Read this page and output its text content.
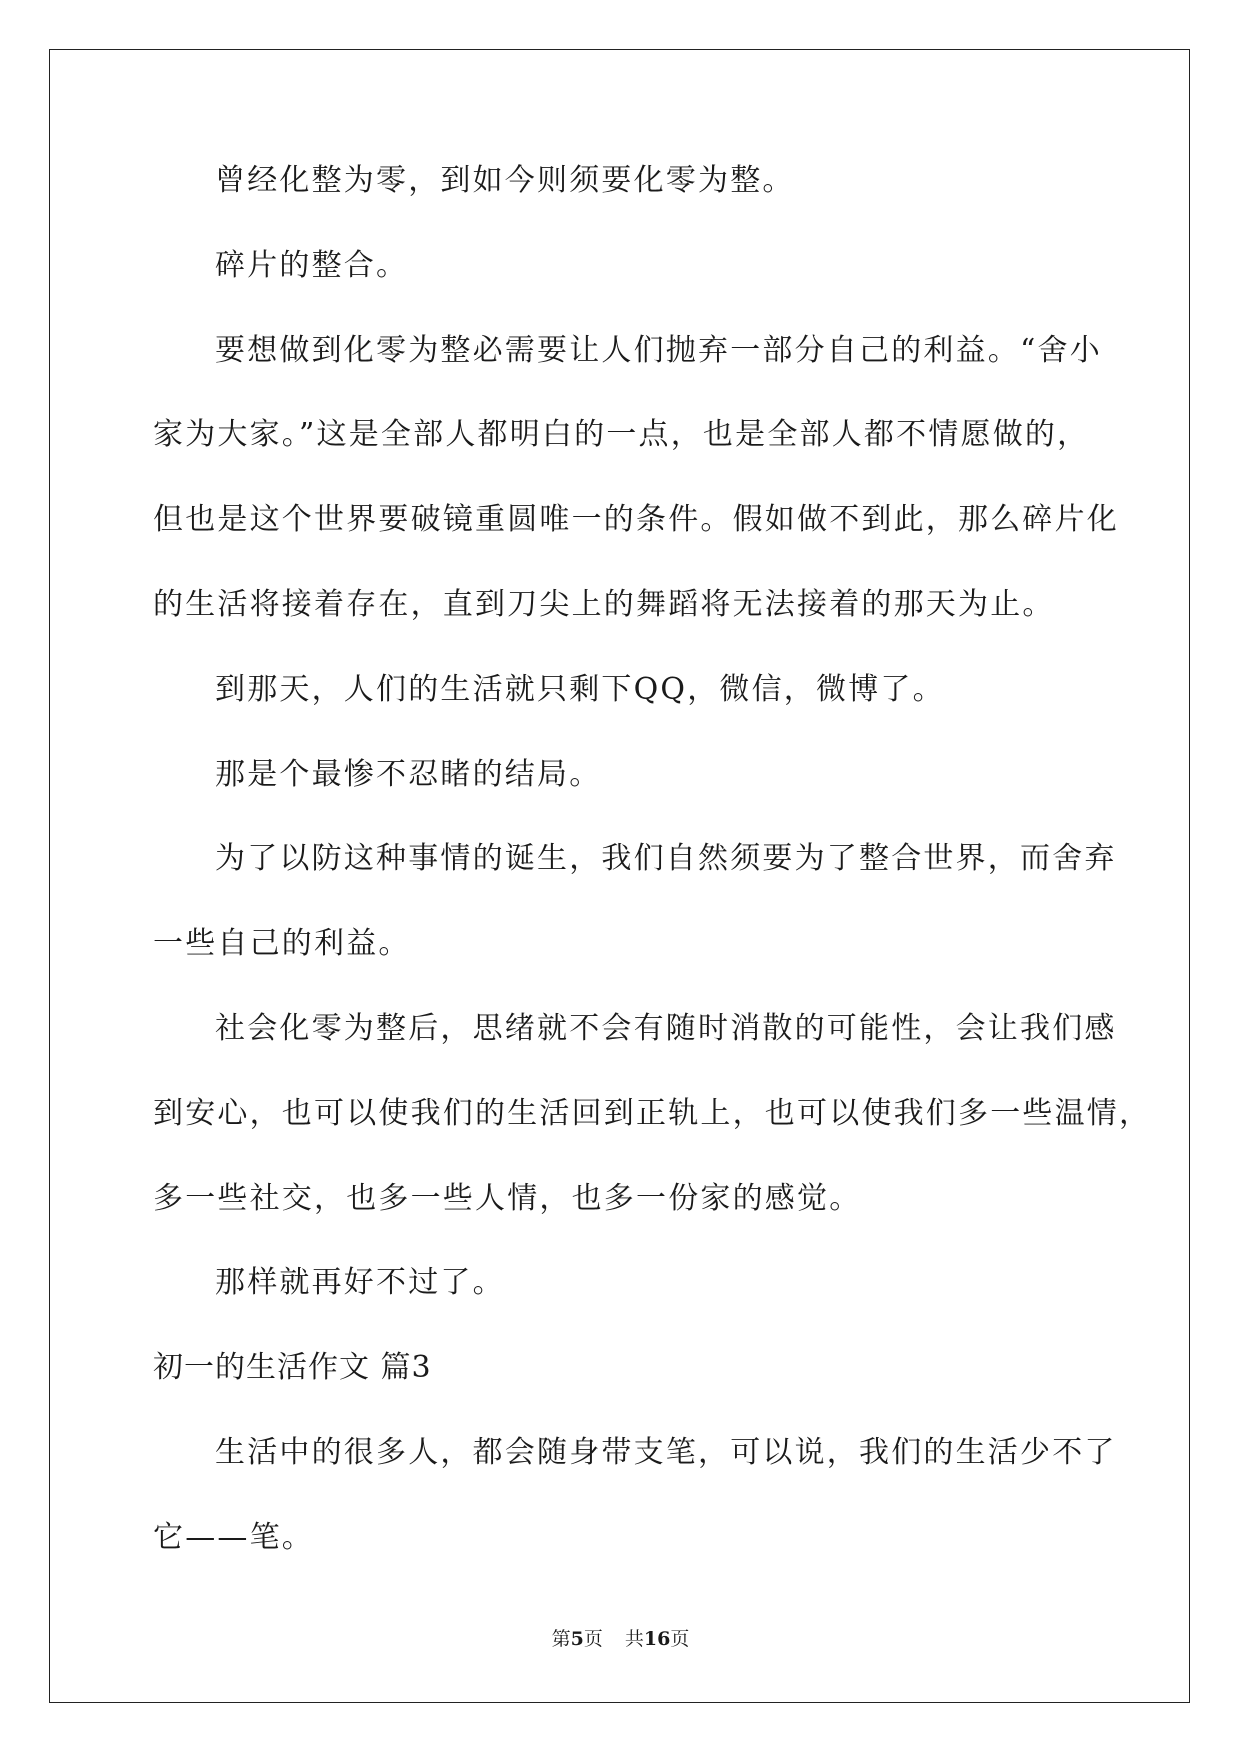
曾经化整为零，到如今则须要化零为整。
碎片的整合。
要想做到化零为整必需要让人们抛弃一部分自己的利益。“舍小
家为大家。”这是全部人都明白的一点，也是全部人都不情愿做的，
但也是这个世界要破镜重圆唯一的条件。假如做不到此，那么碎片化
的生活将接着存在，直到刀尖上的舞蹈将无法接着的那天为止。
到那天，人们的生活就只剩下QQ，微信，微博了。
那是个最惨不忍睹的结局。
为了以防这种事情的诞生，我们自然须要为了整合世界，而舍弃
一些自己的利益。
社会化零为整后，思绪就不会有随时消散的可能性，会让我们感
到安心，也可以使我们的生活回到正轨上，也可以使我们多一些温情，
多一些社交，也多一些人情，也多一份家的感觉。
那样就再好不过了。
初一的生活作文 篇3
生活中的很多人，都会随身带支笔，可以说，我们的生活少不了
它——笔。
第5页 共16页
